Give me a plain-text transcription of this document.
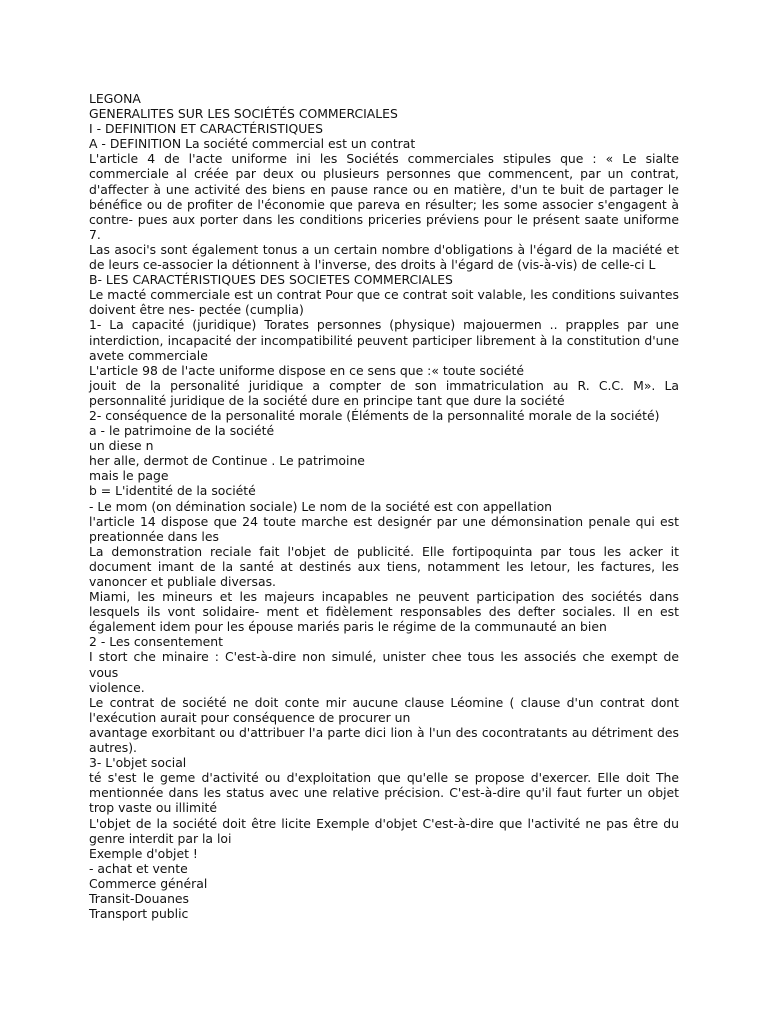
LEGONA

GENERALITES SUR LES SOCIÉTÉS COMMERCIALES

I - DEFINITION ET CARACTÉRISTIQUES

A - DEFINITION La société commercial est un contrat

L'article 4 de l'acte uniforme ini les Sociétés commerciales stipules que : « Le sialte commerciale al créée par deux ou plusieurs personnes que commencent, par un contrat, d'affecter à une activité des biens en pause rance ou en matière, d'un te buit de partager le bénéfice ou de profiter de l'économie que pareva en résulter; les some associer s'engagent à contre- pues aux porter dans les conditions priceries préviens pour le présent saate uniforme 7.

Las asoci's sont également tonus a un certain nombre d'obligations à l'égard de la maciété et de leurs ce-associer la détionnent à l'inverse, des droits à l'égard de (vis-à-vis) de celle-ci L

B- LES CARACTÉRISTIQUES DES SOCIETES COMMERCIALES

Le macté commerciale est un contrat Pour que ce contrat soit valable, les conditions suivantes doivent être nes- pectée (cumplia)

1- La capacité (juridique) Torates personnes (physique) majouermen .. prapples par une interdiction, incapacité der incompatibilité peuvent participer librement à la constitution d'une avete commerciale

L'article 98 de l'acte uniforme dispose en ce sens que :« toute société

jouit de la personalité juridique a compter de son immatriculation au R. C.C. M». La personnalité juridique de la société dure en principe tant que dure la société

2- conséquence de la personalité morale (Éléments de la personnalité morale de la société)

a - le patrimoine de la société

un diese n

her alle, dermot de Continue . Le patrimoine

mais le page

b = L'identité de la société

- Le mom (on démination sociale) Le nom de la société est con appellation

l'article 14 dispose que 24 toute marche est designér par une démonsination penale qui est preationnée dans les

La demonstration reciale fait l'objet de publicité. Elle fortipoquinta par tous les acker it document imant de la santé at destinés aux tiens, notamment les letour, les factures, les vanoncer et publiale diversas.

Miami, les mineurs et les majeurs incapables ne peuvent participation des sociétés dans lesquels ils vont solidaire- ment et fidèlement responsables des defter sociales. Il en est également idem pour les épouse mariés paris le régime de la communauté an bien

2 - Les consentement

I stort che minaire : C'est-à-dire non simulé, unister chee tous les associés che exempt de vous

violence.

Le contrat de société ne doit conte mir aucune clause Léomine ( clause d'un contrat dont l'exécution aurait pour conséquence de procurer un

avantage exorbitant ou d'attribuer l'a parte dici lion à l'un des cocontratants au détriment des autres).

3- L'objet social

té s'est le geme d'activité ou d'exploitation que qu'elle se propose d'exercer. Elle doit The mentionnée dans les status avec une relative précision. C'est-à-dire qu'il faut furter un objet trop vaste ou illimité

L'objet de la société doit être licite Exemple d'objet C'est-à-dire que l'activité ne pas être du genre interdit par la loi

Exemple d'objet !

- achat et vente

Commerce général

Transit-Douanes

Transport public
